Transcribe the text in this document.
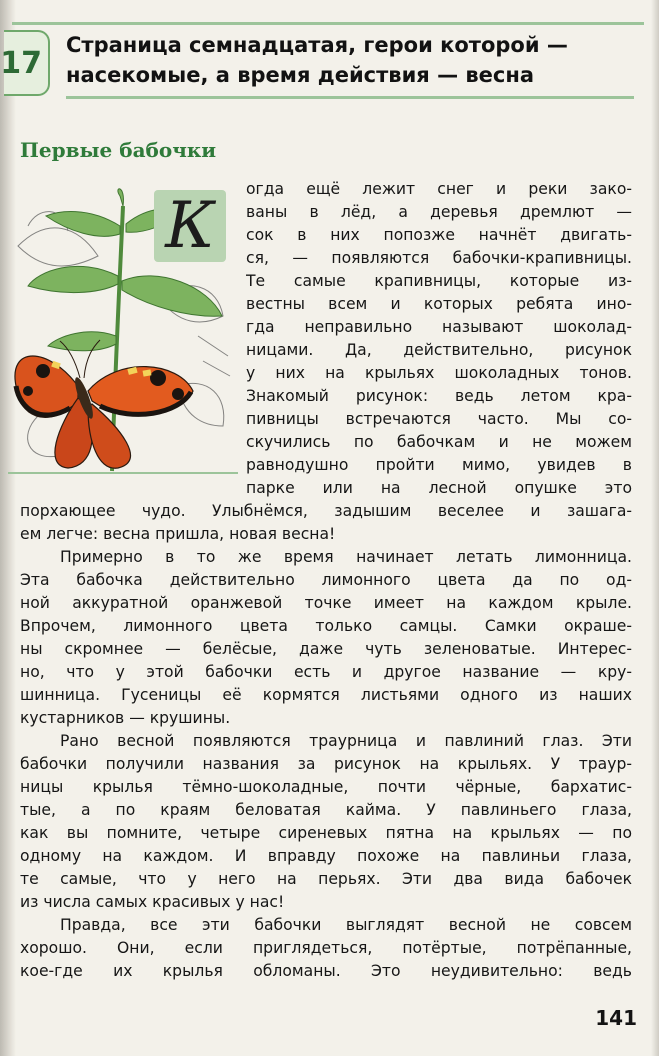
17
Страница семнадцатая, герои которой —
насекомые, а время действия — весна
Первые бабочки
К	огда ещё лежит снег и реки зако-
ваны в лёд, а деревья дремлют —
сок в них попозже начнёт двигать-
ся, — появляются бабочки-крапивницы.
Те самые крапивницы, которые из-
вестны всем и которых ребята ино-
гда неправильно называют шоколад-
ницами. Да, действительно, рисунок
у них на крыльях шоколадных тонов.
Знакомый рисунок: ведь летом кра-
пивницы встречаются часто. Мы со-
скучились по бабочкам и не можем
равнодушно пройти мимо, увидев в
парке или на лесной опушке это
порхающее чудо. Улыбнёмся, задышим веселее и зашага-
ем легче: весна пришла, новая весна!
Примерно в то же время начинает летать лимонница.
Эта бабочка действительно лимонного цвета да по од-
ной аккуратной оранжевой точке имеет на каждом крыле.
Впрочем, лимонного цвета только самцы. Самки окраше-
ны скромнее — белёсые, даже чуть зеленоватые. Интерес-
но, что у этой бабочки есть и другое название — кру-
шинница. Гусеницы её кормятся листьями одного из наших
кустарников — крушины.
Рано весной появляются траурница и павлиний глаз. Эти
бабочки получили названия за рисунок на крыльях. У траур-
ницы крылья тёмно-шоколадные, почти чёрные, бархатис-
тые, а по краям беловатая кайма. У павлиньего глаза,
как вы помните, четыре сиреневых пятна на крыльях — по
одному на каждом. И вправду похоже на павлиньи глаза,
те самые, что у него на перьях. Эти два вида бабочек
из числа самых красивых у нас!
Правда, все эти бабочки выглядят весной не совсем
хорошо. Они, если приглядеться, потёртые, потрёпанные,
кое-где их крылья обломаны. Это неудивительно: ведь
141
